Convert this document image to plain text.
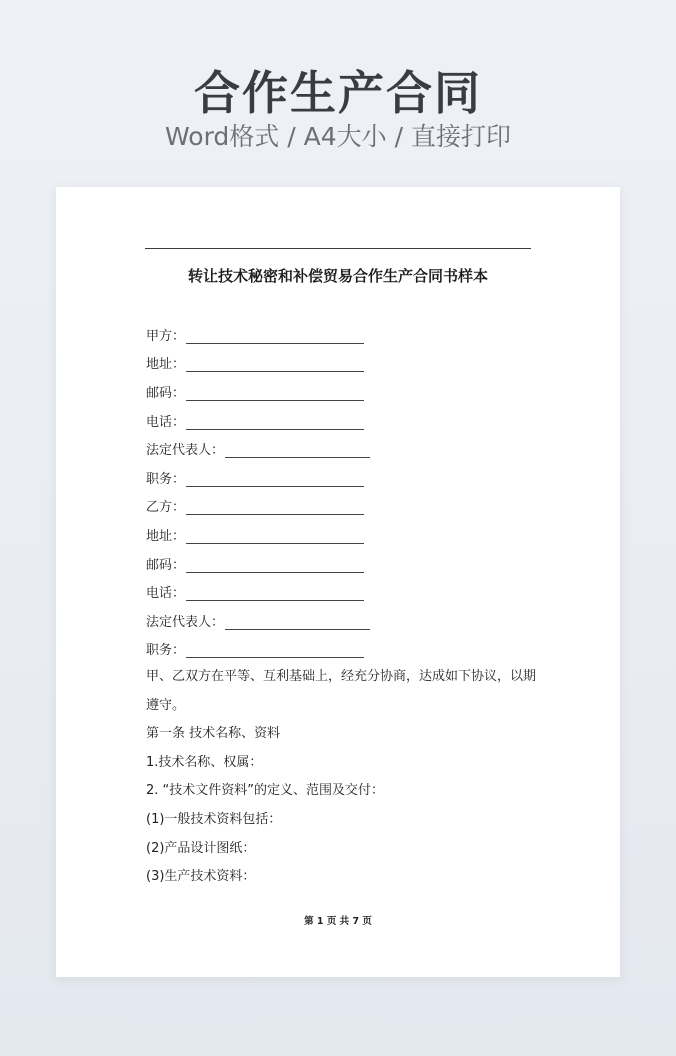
合作生产合同
Word格式 / A4大小 / 直接打印
转让技术秘密和补偿贸易合作生产合同书样本
甲方：
地址：
邮码：
电话：
法定代表人：
职务：
乙方：
地址：
邮码：
电话：
法定代表人：
职务：

甲、乙双方在平等、互利基础上，经充分协商，达成如下协议，以期遵守。

第一条 技术名称、资料

1.技术名称、权属：

2. “技术文件资料”的定义、范围及交付：

(1)一般技术资料包括：

(2)产品设计图纸：

(3)生产技术资料：

第 1 页 共 7 页
